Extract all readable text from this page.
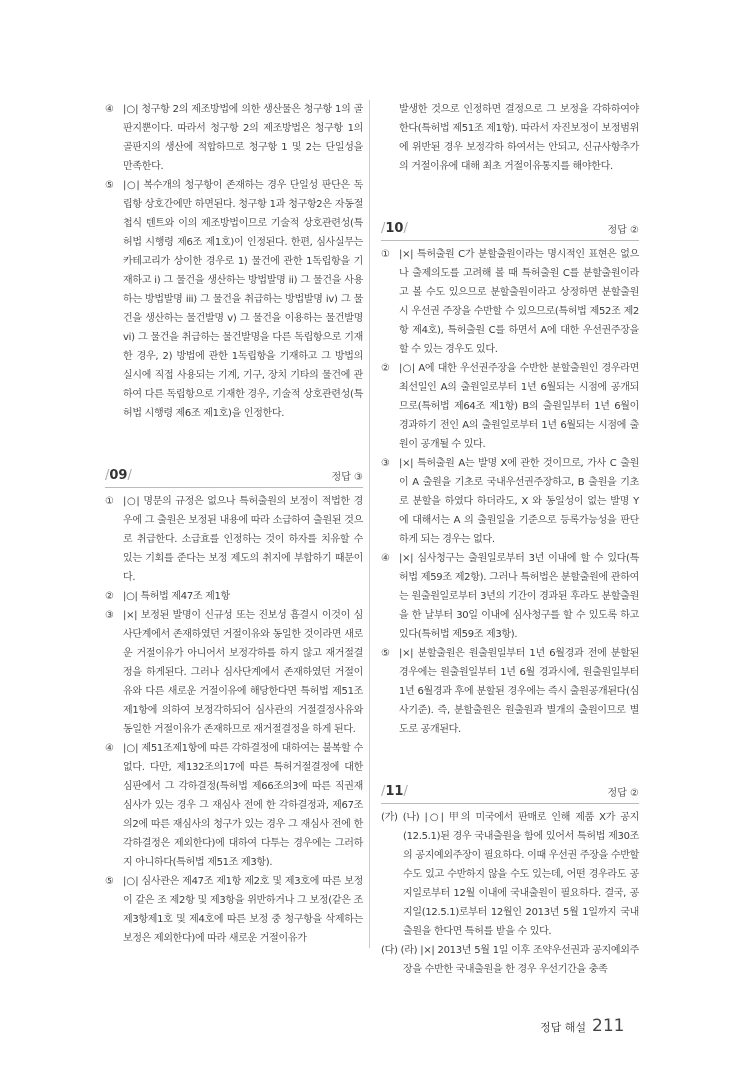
④ |○| 청구항 2의 제조방법에 의한 생산물은 청구항 1의 골판지뿐이다. 따라서 청구항 2의 제조방법은 청구항 1의 골판지의 생산에 적합하므로 청구항 1 및 2는 단일성을 만족한다.
⑤ |○| 복수개의 청구항이 존재하는 경우 단일성 판단은 독립항 상호간에만 하면된다. 청구항 1과 청구항2은 자동절첩식 텐트와 이의 제조방법이므로 기술적 상호관련성(특허법 시행령 제6조 제1호)이 인정된다. 한편, 심사실무는 카테고리가 상이한 경우로 1) 물건에 관한 1독립항을 기재하고 i) 그 물건을 생산하는 방법발명 ii) 그 물건을 사용하는 방법발명 iii) 그 물건을 취급하는 방법발명 iv) 그 물건을 생산하는 물건발명 v) 그 물건을 이용하는 물건발명 vi) 그 물건을 취급하는 물건발명을 다른 독립항으로 기재한 경우, 2) 방법에 관한 1독립항을 기재하고 그 방법의 실시에 직접 사용되는 기계, 기구, 장치 기타의 물건에 관하여 다른 독립항으로 기재한 경우, 기술적 상호관련성(특허법 시행령 제6조 제1호)을 인정한다.
/09/	정답 ③
① |○| 명문의 규정은 없으나 특허출원의 보정이 적법한 경우에 그 출원은 보정된 내용에 따라 소급하여 출원된 것으로 취급한다. 소급효를 인정하는 것이 하자를 치유할 수 있는 기회를 준다는 보정 제도의 취지에 부합하기 때문이다.
② |○| 특허법 제47조 제1항
③ |×| 보정된 발명이 신규성 또는 진보성 흠결시 이것이 심사단계에서 존재하였던 거절이유와 동일한 것이라면 새로운 거절이유가 아니어서 보정각하를 하지 않고 재거절결정을 하게된다. 그러나 심사단계에서 존재하였던 거절이유와 다른 새로운 거절이유에 해당한다면 특허법 제51조 제1항에 의하여 보정각하되어 심사관의 거절결정사유와 동일한 거절이유가 존재하므로 재거절결정을 하게 된다.
④ |○| 제51조제1항에 따른 각하결정에 대하여는 불복할 수 없다. 다만, 제132조의17에 따른 특허거절결정에 대한 심판에서 그 각하결정(특허법 제66조의3에 따른 직권재심사가 있는 경우 그 재심사 전에 한 각하결정과, 제67조의2에 따른 재심사의 청구가 있는 경우 그 재심사 전에 한 각하결정은 제외한다)에 대하여 다투는 경우에는 그러하지 아니하다(특허법 제51조 제3항).
⑤ |○| 심사관은 제47조 제1항 제2호 및 제3호에 따른 보정이 같은 조 제2항 및 제3항을 위반하거나 그 보정(같은 조 제3항제1호 및 제4호에 따른 보정 중 청구항을 삭제하는 보정은 제외한다)에 따라 새로운 거절이유가
발생한 것으로 인정하면 결정으로 그 보정을 각하하여야 한다(특허법 제51조 제1항). 따라서 자진보정이 보정범위에 위반된 경우 보정각하 하여서는 안되고, 신규사항추가의 거절이유에 대해 최초 거절이유통지를 해야한다.
/10/	정답 ②
① |×| 특허출원 C가 분할출원이라는 명시적인 표현은 없으나 출제의도를 고려해 볼 때 특허출원 C를 분할출원이라고 볼 수도 있으므로 분할출원이라고 상정하면 분할출원시 우선권 주장을 수반할 수 있으므로(특허법 제52조 제2항 제4호), 특허출원 C를 하면서 A에 대한 우선권주장을 할 수 있는 경우도 있다.
② |○| A에 대한 우선권주장을 수반한 분할출원인 경우라면 최선일인 A의 출원일로부터 1년 6월되는 시점에 공개되므로(특허법 제64조 제1항) B의 출원일부터 1년 6월이 경과하기 전인 A의 출원일로부터 1년 6월되는 시점에 출원이 공개될 수 있다.
③ |×| 특허출원 A는 발명 X에 관한 것이므로, 가사 C 출원이 A 출원을 기초로 국내우선권주장하고, B 출원을 기초로 분할을 하였다 하더라도, X 와 동일성이 없는 발명 Y 에 대해서는 A 의 출원일을 기준으로 등록가능성을 판단하게 되는 경우는 없다.
④ |×| 심사청구는 출원일로부터 3년 이내에 할 수 있다(특허법 제59조 제2항). 그러나 특허법은 분할출원에 관하여는 원출원일로부터 3년의 기간이 경과된 후라도 분할출원을 한 날부터 30일 이내에 심사청구를 할 수 있도록 하고 있다(특허법 제59조 제3항).
⑤ |×| 분할출원은 원출원일부터 1년 6월경과 전에 분할된 경우에는 원출원일부터 1년 6월 경과시에, 원출원일부터 1년 6월경과 후에 분할된 경우에는 즉시 출원공개된다(심사기준). 즉, 분할출원은 원출원과 별개의 출원이므로 별도로 공개된다.
/11/	정답 ②
(가) (나) |○| 甲의 미국에서 판매로 인해 제품 X가 공지(12.5.1)된 경우 국내출원을 함에 있어서 특허법 제30조의 공지예외주장이 필요하다. 이때 우선권 주장을 수반할 수도 있고 수반하지 않을 수도 있는데, 어떤 경우라도 공지일로부터 12월 이내에 국내출원이 필요하다. 결국, 공지일(12.5.1)로부터 12월인 2013년 5월 1일까지 국내출원을 한다면 특허를 받을 수 있다.
(다) (라) |×| 2013년 5월 1일 이후 조약우선권과 공지예외주장을 수반한 국내출원을 한 경우 우선기간을 충족
정답 해설 211
